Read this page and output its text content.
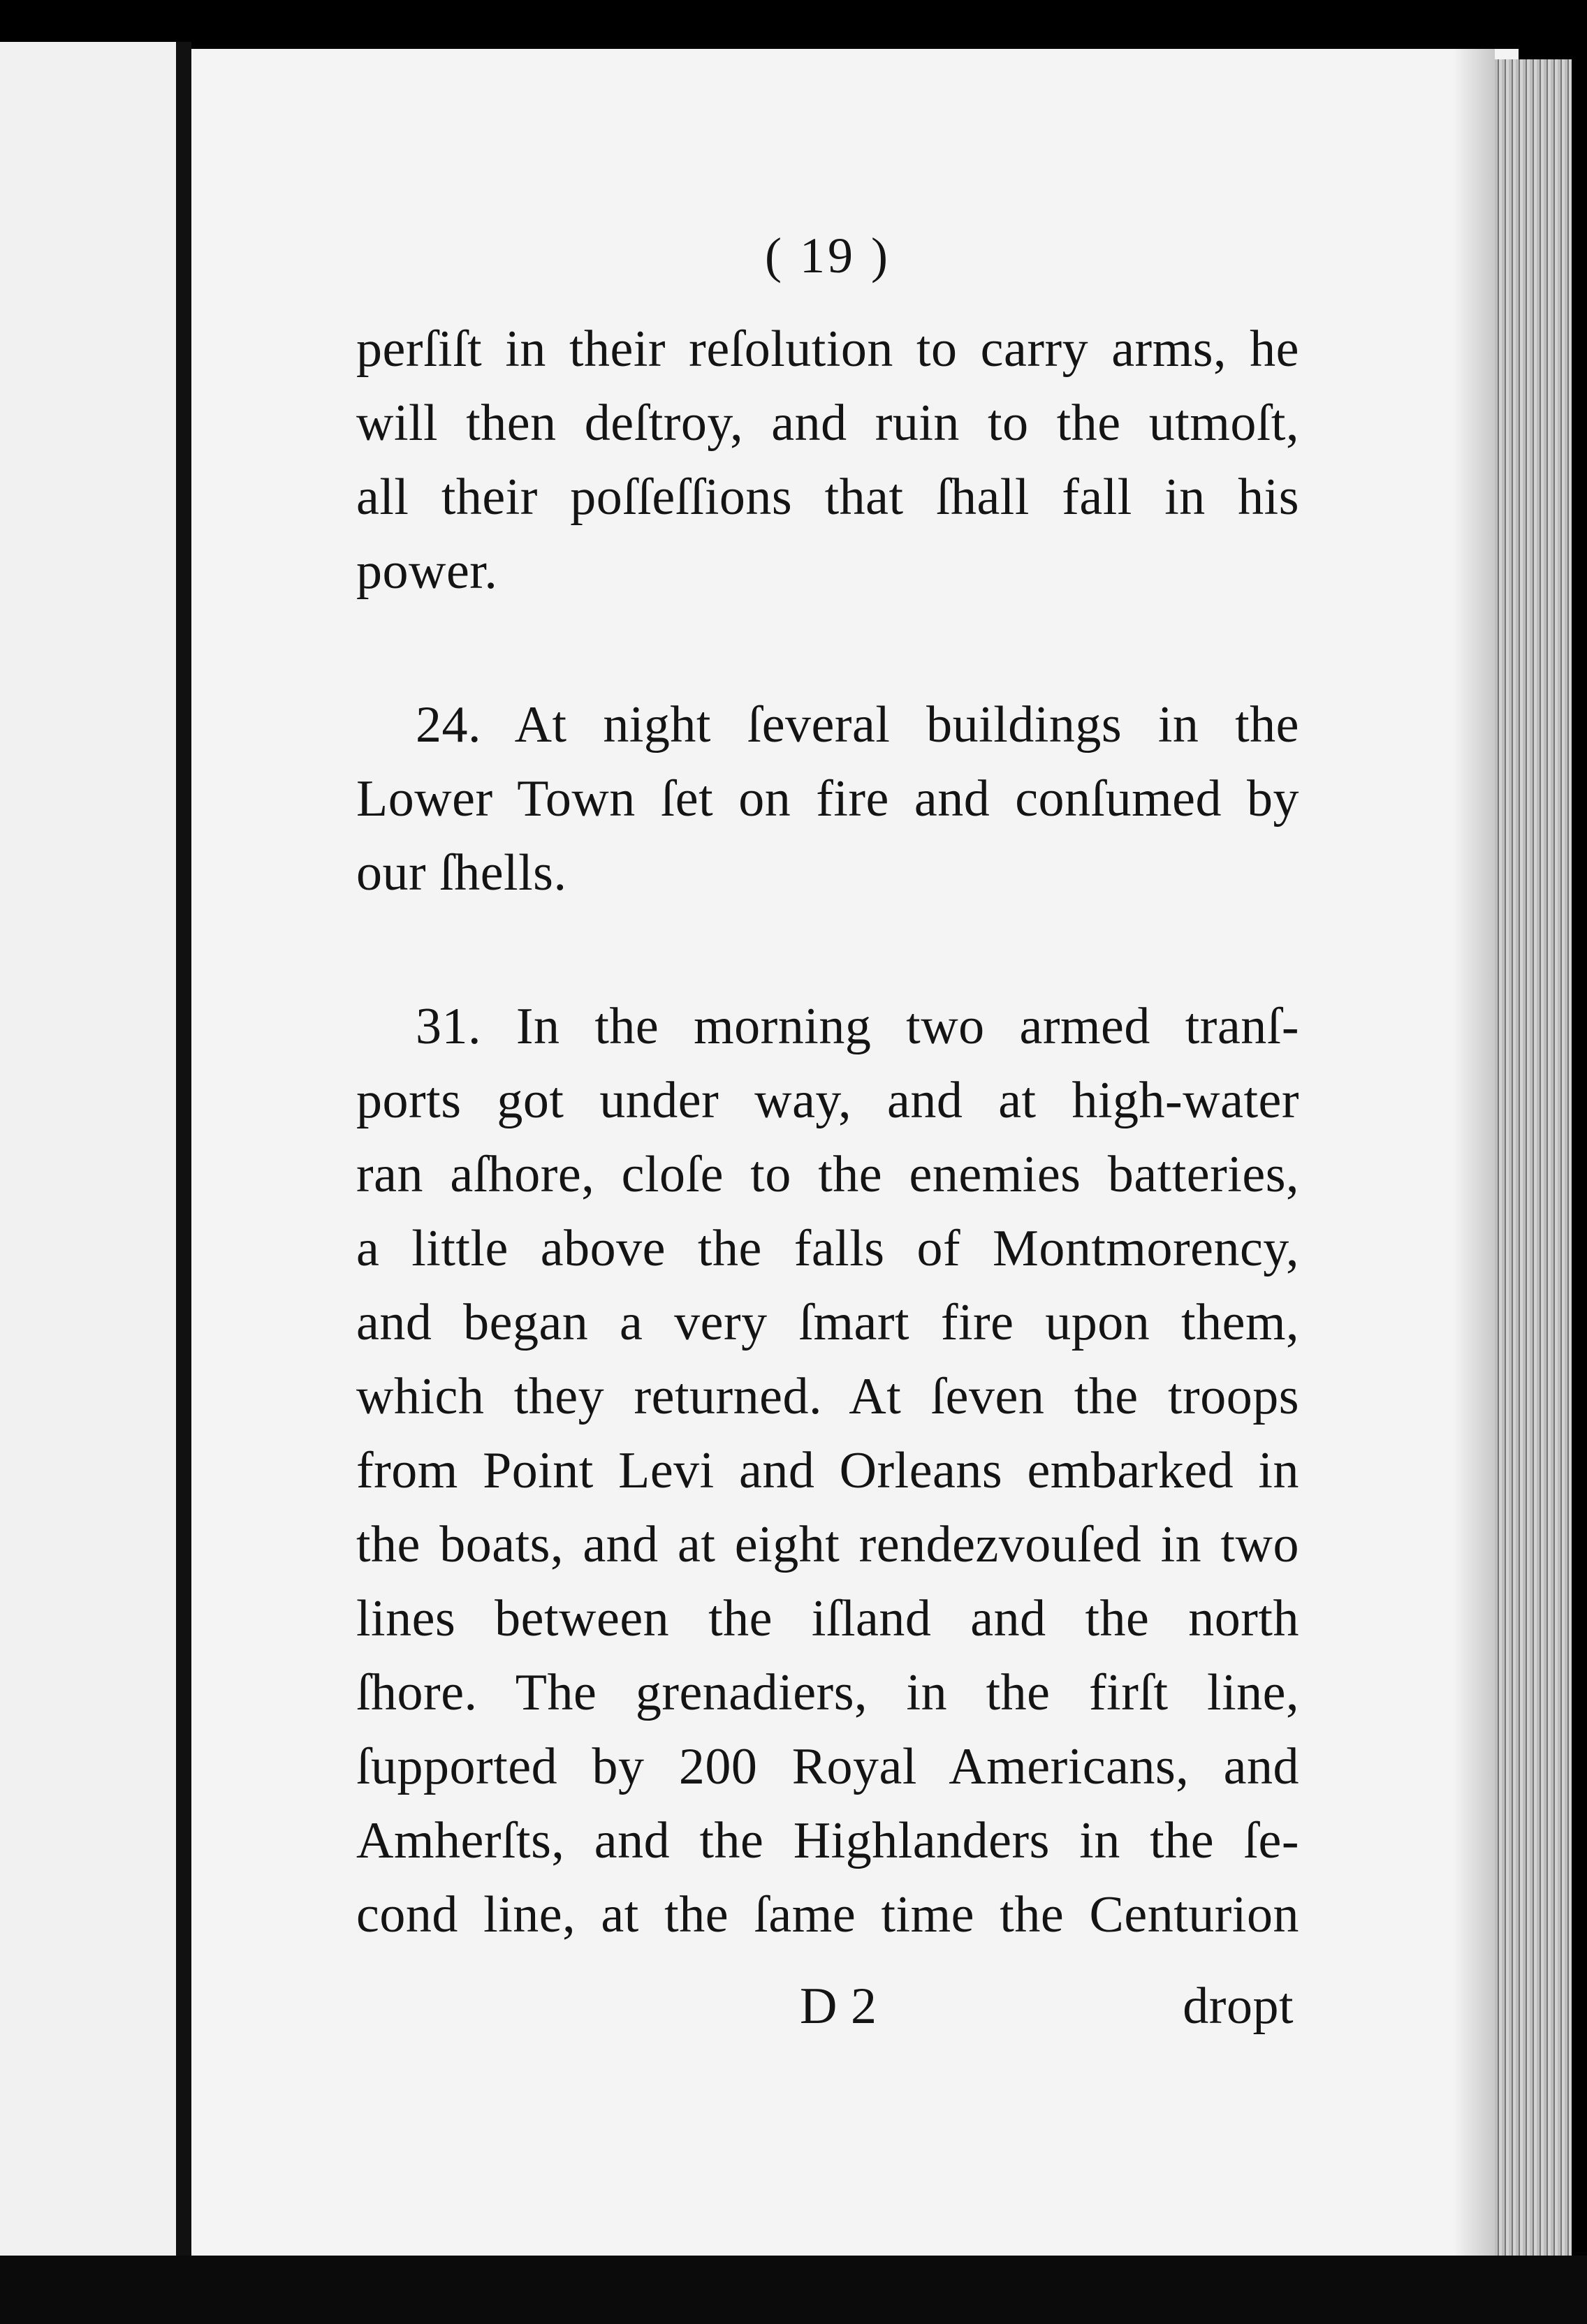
( 19 )
perſiſt in their reſolution to carry arms, he
will then deſtroy, and ruin to the utmoſt,
all their poſſeſſions that ſhall fall in his
power.
24. At night ſeveral buildings in the
Lower Town ſet on fire and conſumed by
our ſhells.
31. In the morning two armed tranſ-
ports got under way, and at high-water
ran aſhore, cloſe to the enemies batteries,
a little above the falls of Montmorency,
and began a very ſmart fire upon them,
which they returned. At ſeven the troops
from Point Levi and Orleans embarked in
the boats, and at eight rendezvouſed in two
lines between the iſland and the north
ſhore. The grenadiers, in the firſt line,
ſupported by 200 Royal Americans, and
Amherſts, and the Highlanders in the ſe-
cond line, at the ſame time the Centurion
D 2	dropt
